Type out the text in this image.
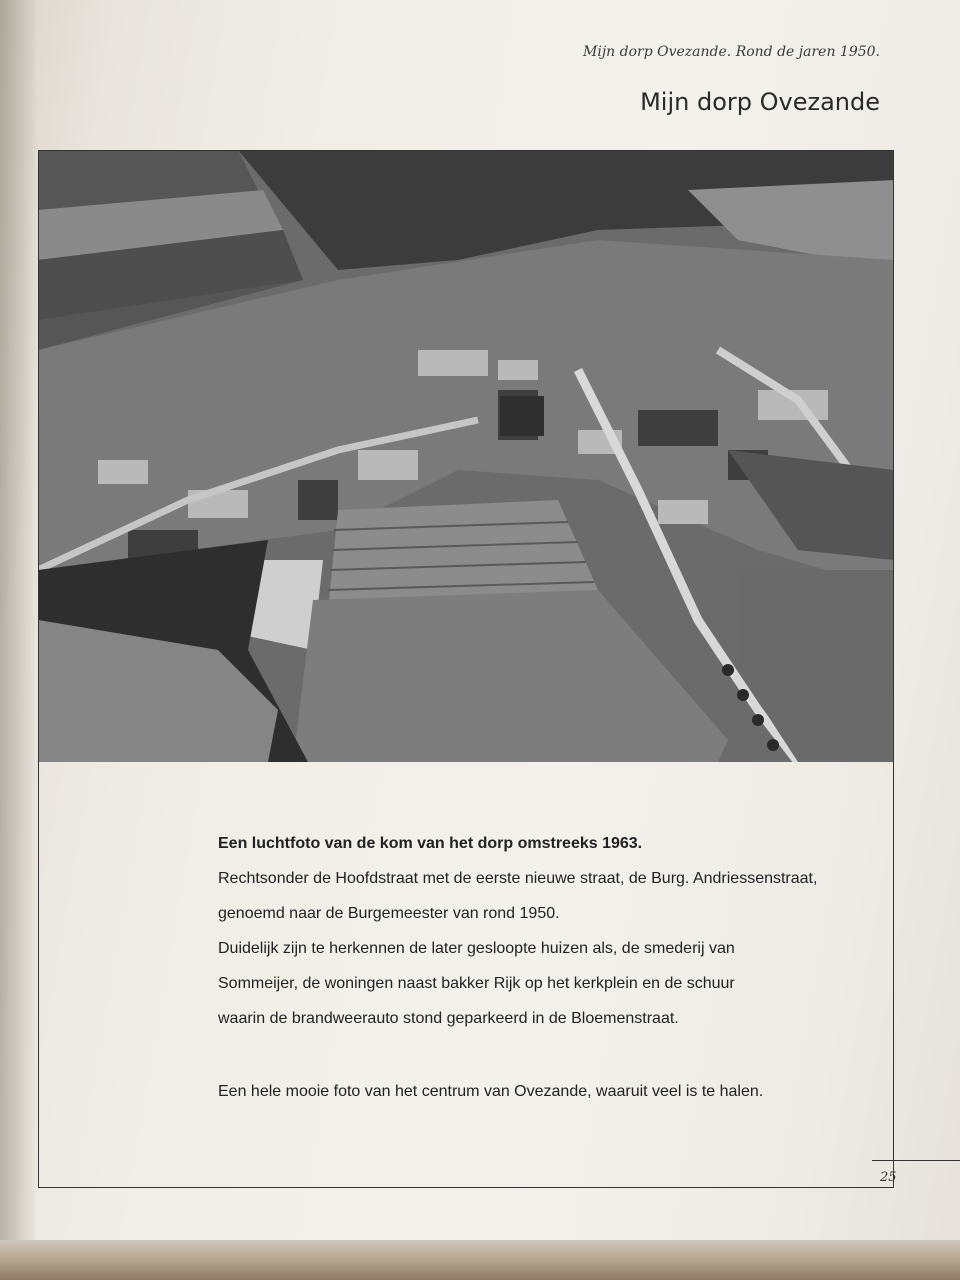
Mijn dorp Ovezande. Rond de jaren 1950.
Mijn dorp Ovezande
Een luchtfoto van de kom van het dorp omstreeks 1963.
Rechtsonder de Hoofdstraat met de eerste nieuwe straat, de Burg. Andriessenstraat,
genoemd naar de Burgemeester van rond 1950.
Duidelijk zijn te herkennen de later gesloopte huizen als, de smederij van
Sommeijer, de woningen naast bakker Rijk op het kerkplein en de schuur
waarin de brandweerauto stond geparkeerd in de Bloemenstraat.
Een hele mooie foto van het centrum van Ovezande, waaruit veel is te halen.
25
